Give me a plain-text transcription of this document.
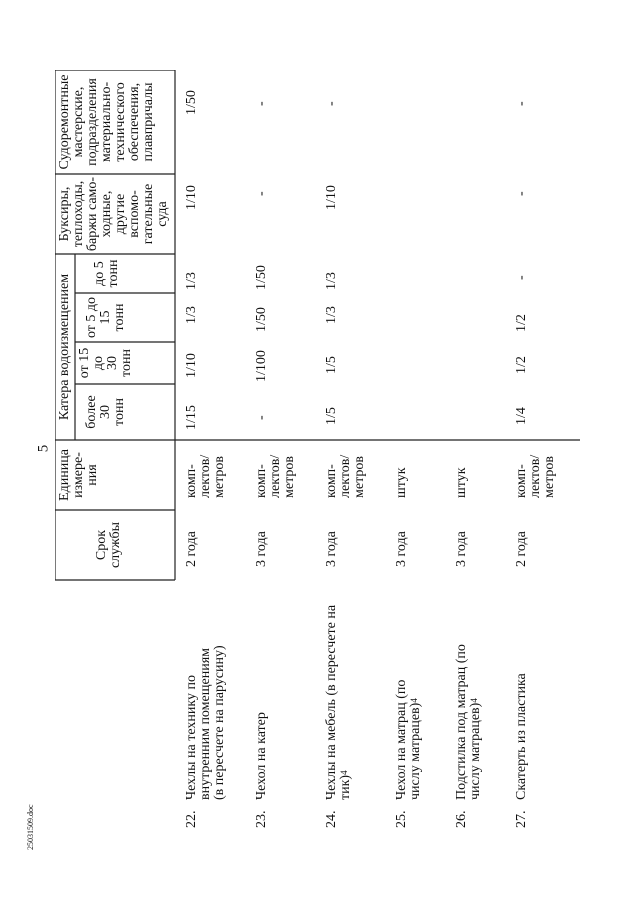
5
25031509.doc
Срок службы
Единица измере- ния
Катера водоизмещением более 30 тонн
от 15 до 30 тонн
от 5 до 15 тонн
до 5 тонн
Буксиры, теплоходы, баржи само- ходные, другие вспомо- гательные суда
Судоремонтные мастерские, подразделения материально- технического обеспечения, плавпричалы
22.
Чехлы на технику по внутренним помещениям (в пересчете на парусину)
2 года
комп- лектов/ метров
1/15
1/10
1/3
1/3
1/10
1/50
23.
Чехол на катер
3 года
комп- лектов/ метров
-
1/100
1/50
1/50
-
-
24.
Чехлы на мебель (в пересчете на тик)$^4$
3 года
комп- лектов/ метров
1/5
1/5
1/3
1/3
1/10
-
25.
Чехол на матрац (по числу матрацев)$^4$
3 года
штук
26.
Подстилка под матрац (по числу матрацев)$^4$
3 года
штук
27.
Скатерть из пластика
2 года
комп- лектов/ метров
1/4
1/2
1/2
-
-
-
